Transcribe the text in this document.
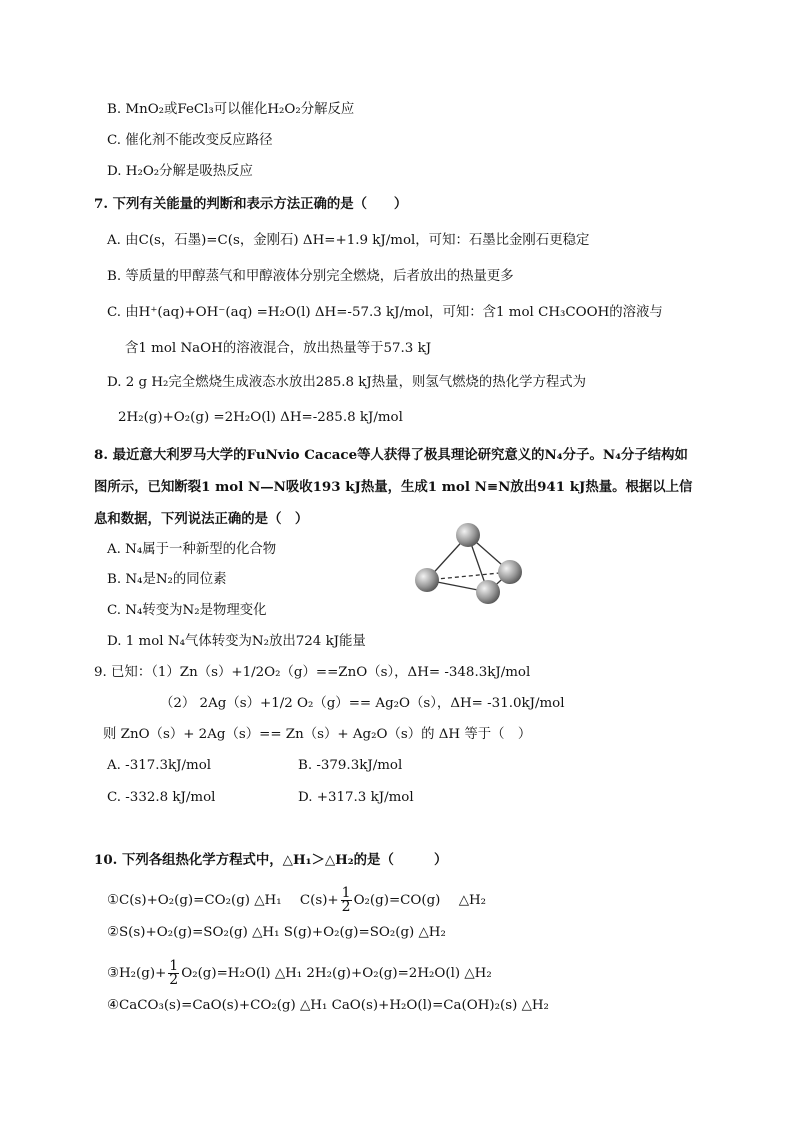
B. MnO₂或FeCl₃可以催化H₂O₂分解反应
C. 催化剂不能改变反应路径
D. H₂O₂分解是吸热反应
7. 下列有关能量的判断和表示方法正确的是（　　）
A. 由C(s，石墨)=C(s，金刚石) ΔH=+1.9 kJ/mol，可知：石墨比金刚石更稳定
B. 等质量的甲醇蒸气和甲醇液体分别完全燃烧，后者放出的热量更多
C. 由H⁺(aq)+OH⁻(aq) =H₂O(l) ΔH=-57.3 kJ/mol，可知：含1 mol CH₃COOH的溶液与
含1 mol NaOH的溶液混合，放出热量等于57.3 kJ
D. 2 g H₂完全燃烧生成液态水放出285.8 kJ热量，则氢气燃烧的热化学方程式为
2H₂(g)+O₂(g) =2H₂O(l) ΔH=-285.8 kJ/mol
8. 最近意大利罗马大学的FuNvio Cacace等人获得了极具理论研究意义的N₄分子。N₄分子结构如
图所示，已知断裂1 mol N—N吸收193 kJ热量，生成1 mol N≡N放出941 kJ热量。根据以上信
息和数据，下列说法正确的是（　）
A. N₄属于一种新型的化合物
B. N₄是N₂的同位素
C. N₄转变为N₂是物理变化
D. 1 mol N₄气体转变为N₂放出724 kJ能量
9. 已知：（1）Zn（s）+1/2O₂（g）==ZnO（s），ΔH= -348.3kJ/mol
（2） 2Ag（s）+1/2 O₂（g）== Ag₂O（s），ΔH= -31.0kJ/mol
则 ZnO（s）+ 2Ag（s）== Zn（s）+ Ag₂O（s）的 ΔH 等于（　）
A. -317.3kJ/mol	B. -379.3kJ/mol
C. -332.8 kJ/mol	D. +317.3 kJ/mol
10. 下列各组热化学方程式中，△H₁＞△H₂的是（　　　）
①C(s)+O₂(g)=CO₂(g) △H₁ $C(s)+ \frac{1}{2} O_2(g)=CO(g)$ △H₂
②S(s)+O₂(g)=SO₂(g) △H₁ S(g)+O₂(g)=SO₂(g) △H₂
③H₂(g)+ $\frac{1}{2} O_2(g)=H_2O(l)$ △H₁ 2H₂(g)+O₂(g)=2H₂O(l) △H₂
④CaCO₃(s)=CaO(s)+CO₂(g) △H₁ CaO(s)+H₂O(l)=Ca(OH)₂(s) △H₂
